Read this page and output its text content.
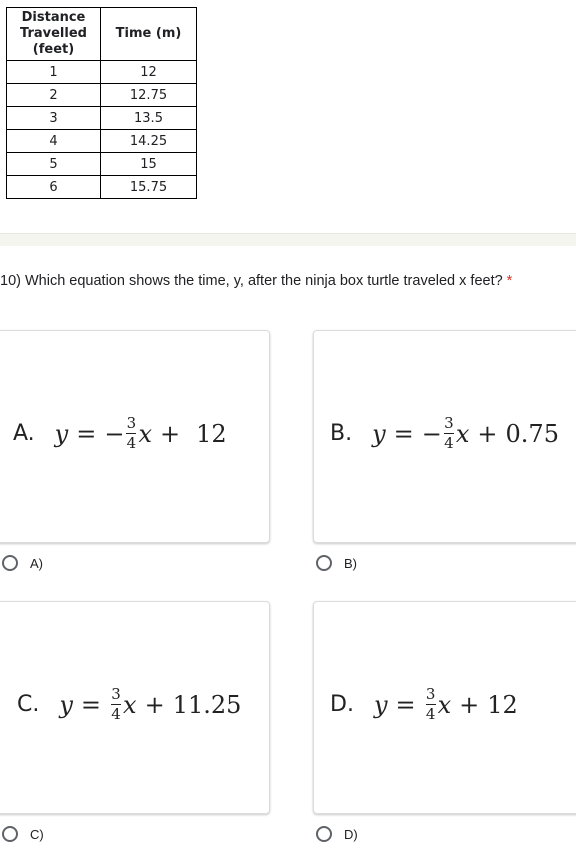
Distance
Travelled
(feet)	Time (m)
1	12
2	12.75
3	13.5
4	14.25
5	15
6	15.75
10) Which equation shows the time, y, after the ninja box turtle traveled x feet? *
A. y = − $\frac{3}{4}$ x + 12
A)
B. y = − $\frac{3}{4}$ x + 0.75
B)
C. $y = \frac{3}{4}$ x + 11.25
C)
D. $y = \frac{3}{4}$ x + 12
D)
